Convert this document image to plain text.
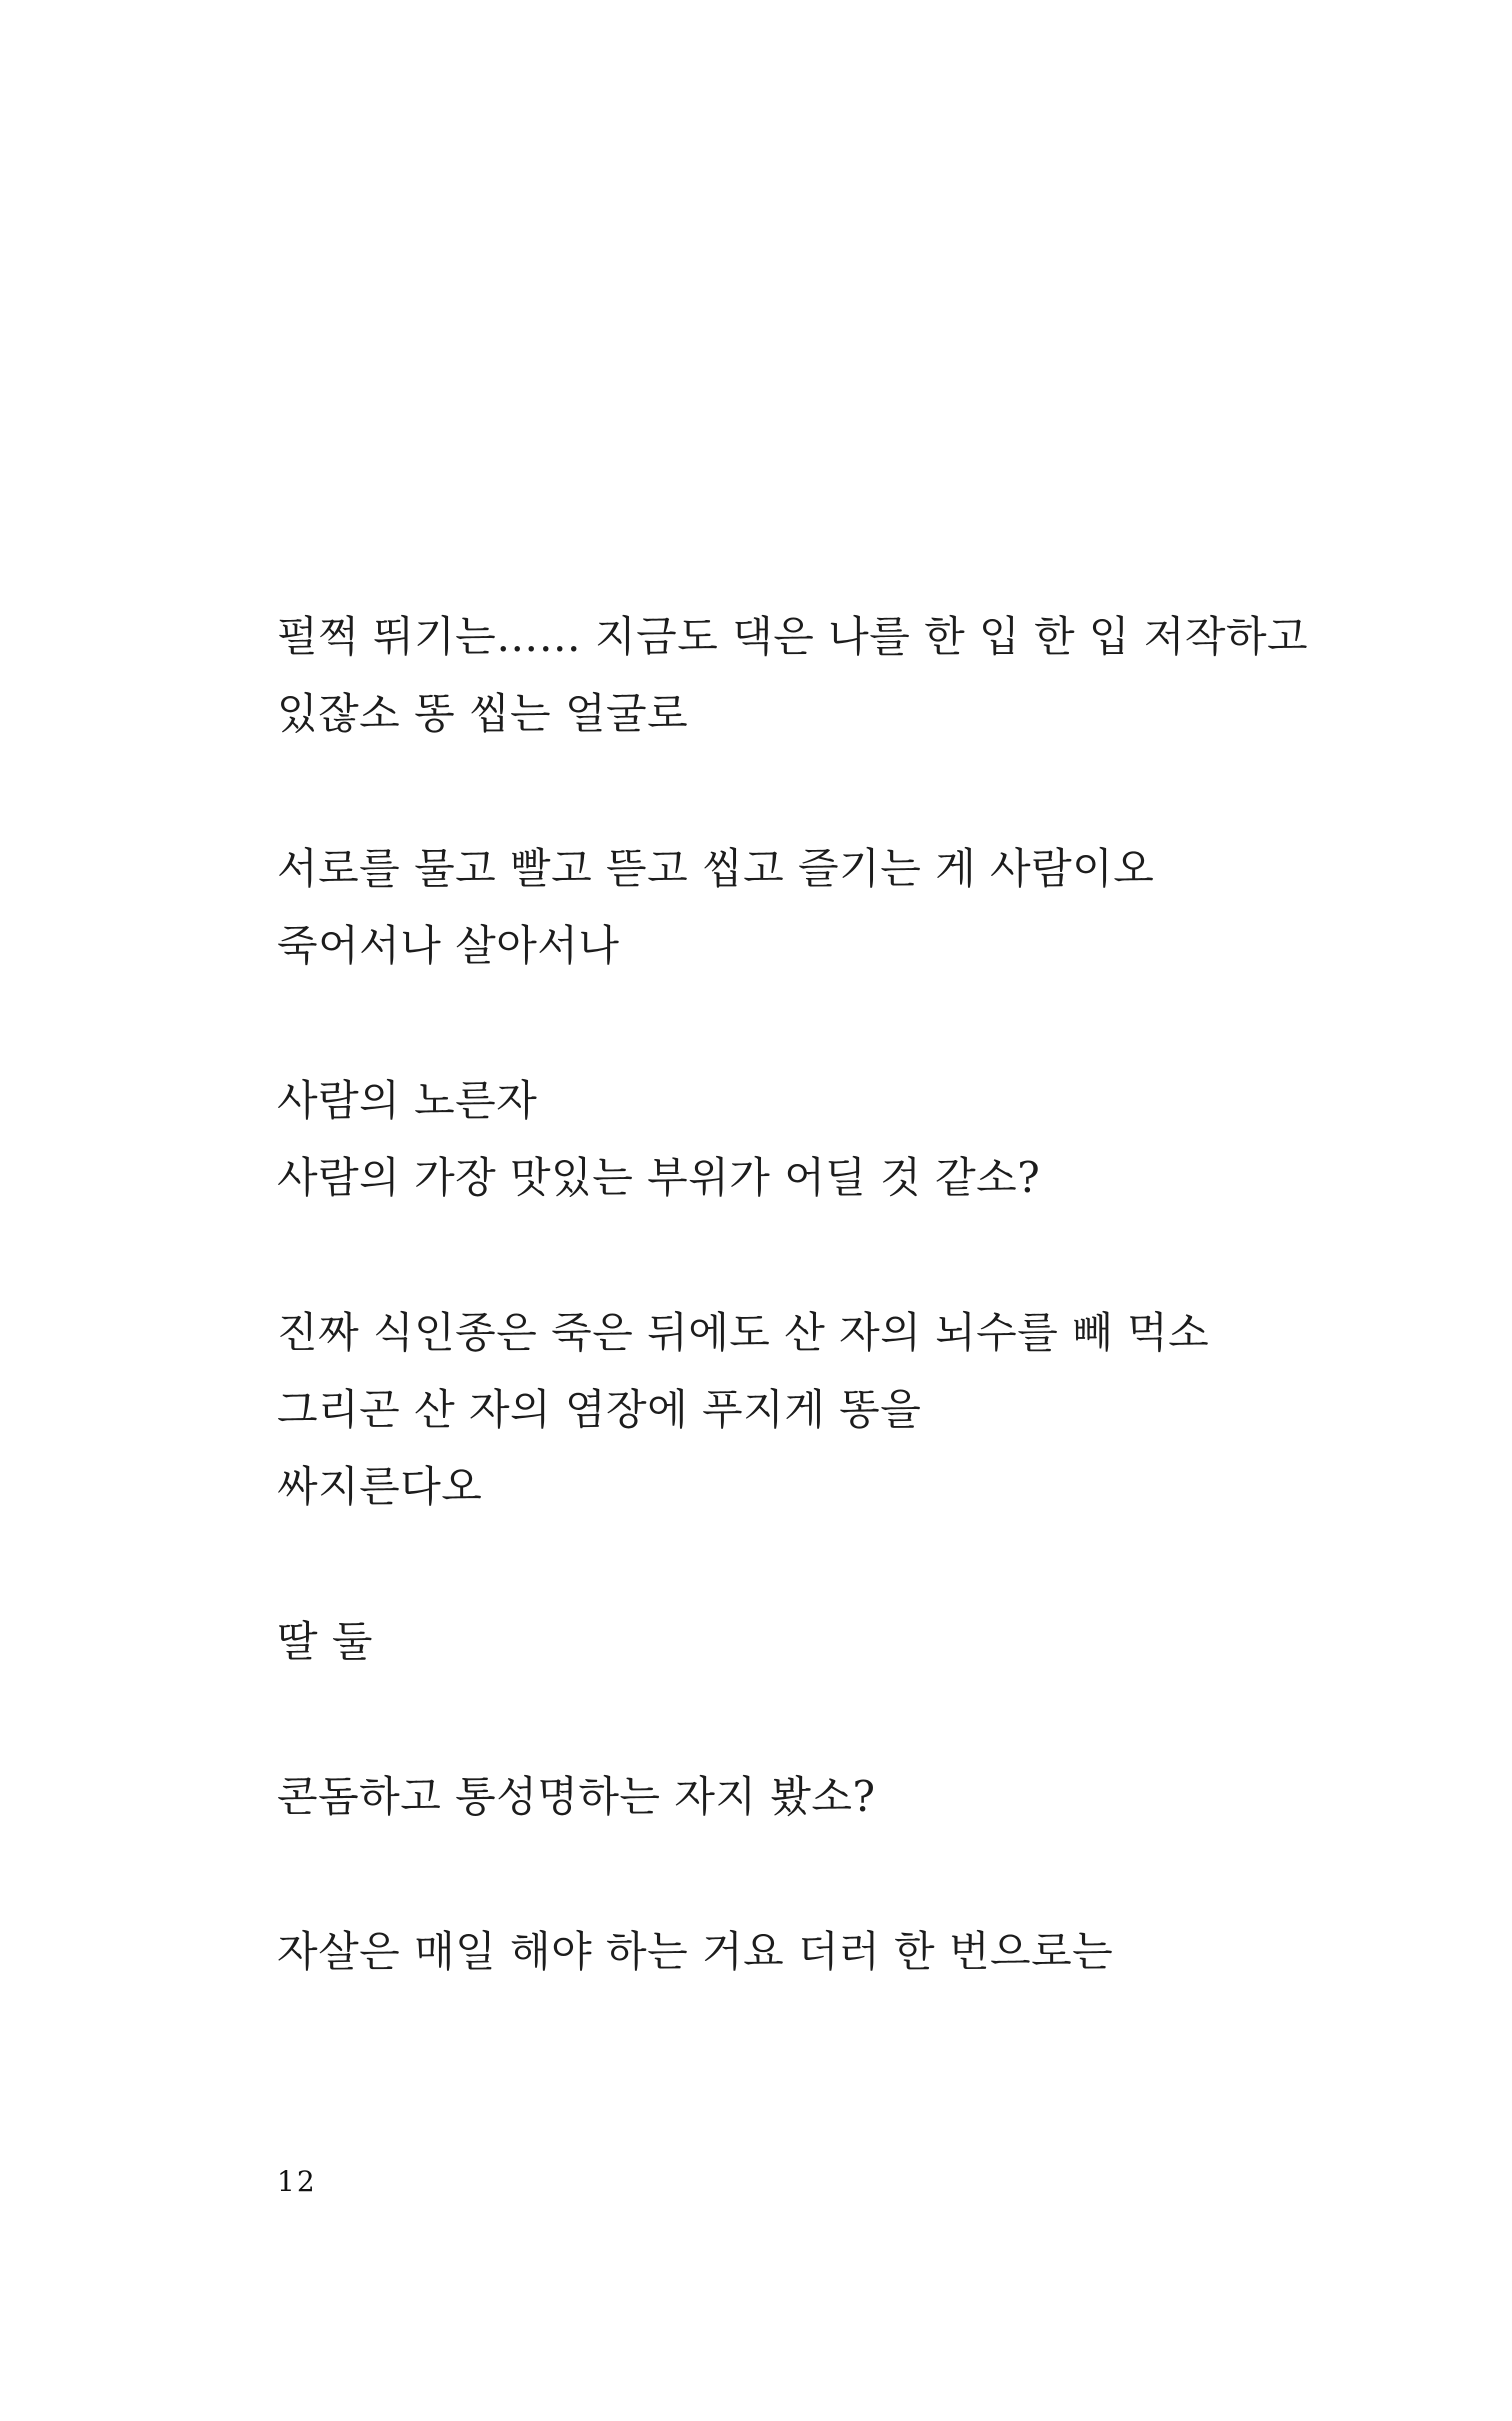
펄쩍 뛰기는…… 지금도 댁은 나를 한 입 한 입 저작하고

있잖소 똥 씹는 얼굴로

서로를 물고 빨고 뜯고 씹고 즐기는 게 사람이오

죽어서나 살아서나

사람의 노른자

사람의 가장 맛있는 부위가 어딜 것 같소?

진짜 식인종은 죽은 뒤에도 산 자의 뇌수를 빼 먹소

그리곤 산 자의 염장에 푸지게 똥을

싸지른다오

딸 둘

콘돔하고 통성명하는 자지 봤소?

자살은 매일 해야 하는 거요 더러 한 번으로는

12
